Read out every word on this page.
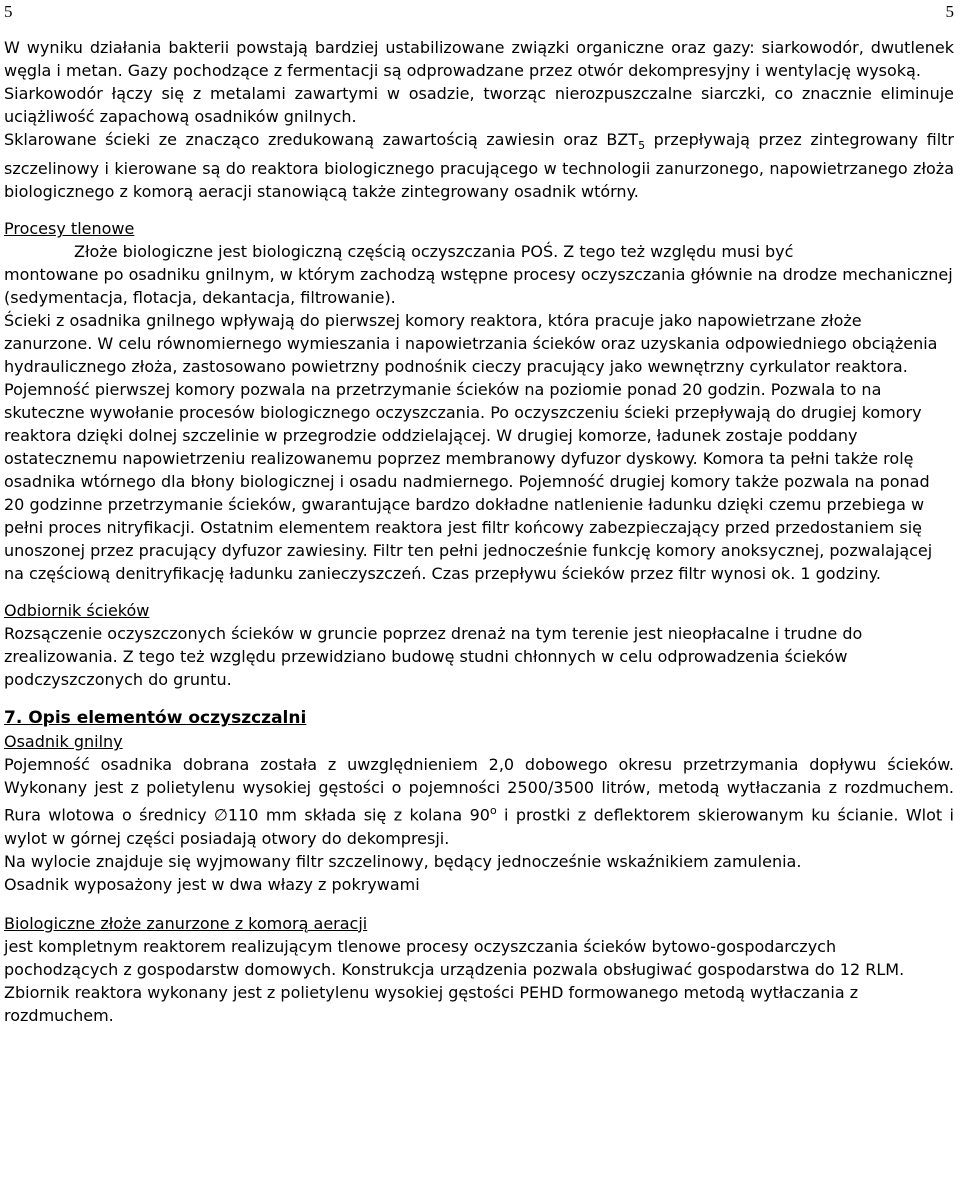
5	5

W wyniku działania bakterii powstają bardziej ustabilizowane związki organiczne oraz gazy: siarkowodór, dwutlenek węgla i metan. Gazy pochodzące z fermentacji są odprowadzane przez otwór dekompresyjny i wentylację wysoką.

Siarkowodór łączy się z metalami zawartymi w osadzie, tworząc nierozpuszczalne siarczki, co znacznie eliminuje uciążliwość zapachową osadników gnilnych.

Sklarowane ścieki ze znacząco zredukowaną zawartością zawiesin oraz $BZT_5$ przepływają przez zintegrowany filtr szczelinowy i kierowane są do reaktora biologicznego pracującego w technologii zanurzonego, napowietrzanego złoża biologicznego z komorą aeracji stanowiącą także zintegrowany osadnik wtórny.

Procesy tlenowe

Złoże biologiczne jest biologiczną częścią oczyszczania POŚ. Z tego też względu musi być

montowane po osadniku gnilnym, w którym zachodzą wstępne procesy oczyszczania głównie na drodze mechanicznej (sedymentacja, flotacja, dekantacja, filtrowanie).

Ścieki z osadnika gnilnego wpływają do pierwszej komory reaktora, która pracuje jako napowietrzane złoże zanurzone. W celu równomiernego wymieszania i napowietrzania ścieków oraz uzyskania odpowiedniego obciążenia hydraulicznego złoża, zastosowano powietrzny podnośnik cieczy pracujący jako wewnętrzny cyrkulator reaktora. Pojemność pierwszej komory pozwala na przetrzymanie ścieków na poziomie ponad 20 godzin. Pozwala to na skuteczne wywołanie procesów biologicznego oczyszczania. Po oczyszczeniu ścieki przepływają do drugiej komory reaktora dzięki dolnej szczelinie w przegrodzie oddzielającej. W drugiej komorze, ładunek zostaje poddany ostatecznemu napowietrzeniu realizowanemu poprzez membranowy dyfuzor dyskowy. Komora ta pełni także rolę osadnika wtórnego dla błony biologicznej i osadu nadmiernego. Pojemność drugiej komory także pozwala na ponad 20 godzinne przetrzymanie ścieków, gwarantujące bardzo dokładne natlenienie ładunku dzięki czemu przebiega w pełni proces nitryfikacji. Ostatnim elementem reaktora jest filtr końcowy zabezpieczający przed przedostaniem się unoszonej przez pracujący dyfuzor zawiesiny. Filtr ten pełni jednocześnie funkcję komory anoksycznej, pozwalającej na częściową denitryfikację ładunku zanieczyszczeń. Czas przepływu ścieków przez filtr wynosi ok. 1 godziny.

Odbiornik ścieków

Rozsączenie oczyszczonych ścieków w gruncie poprzez drenaż na tym terenie jest nieopłacalne i trudne do zrealizowania. Z tego też względu przewidziano budowę studni chłonnych w celu odprowadzenia ścieków podczyszczonych do gruntu.

7. Opis elementów oczyszczalni

Osadnik gnilny

Pojemność osadnika dobrana została z uwzględnieniem 2,0 dobowego okresu przetrzymania dopływu ścieków. Wykonany jest z polietylenu wysokiej gęstości o pojemności 2500/3500 litrów, metodą wytłaczania z rozdmuchem. Rura wlotowa o średnicy ∅110 mm składa się z kolana 90$^o$ i prostki z deflektorem skierowanym ku ścianie. Wlot i wylot w górnej części posiadają otwory do dekompresji.

Na wylocie znajduje się wyjmowany filtr szczelinowy, będący jednocześnie wskaźnikiem zamulenia.

Osadnik wyposażony jest w dwa włazy z pokrywami

Biologiczne złoże zanurzone z komorą aeracji

jest kompletnym reaktorem realizującym tlenowe procesy oczyszczania ścieków bytowo-gospodarczych pochodzących z gospodarstw domowych. Konstrukcja urządzenia pozwala obsługiwać gospodarstwa do 12 RLM. Zbiornik reaktora wykonany jest z polietylenu wysokiej gęstości PEHD formowanego metodą wytłaczania z rozdmuchem.
